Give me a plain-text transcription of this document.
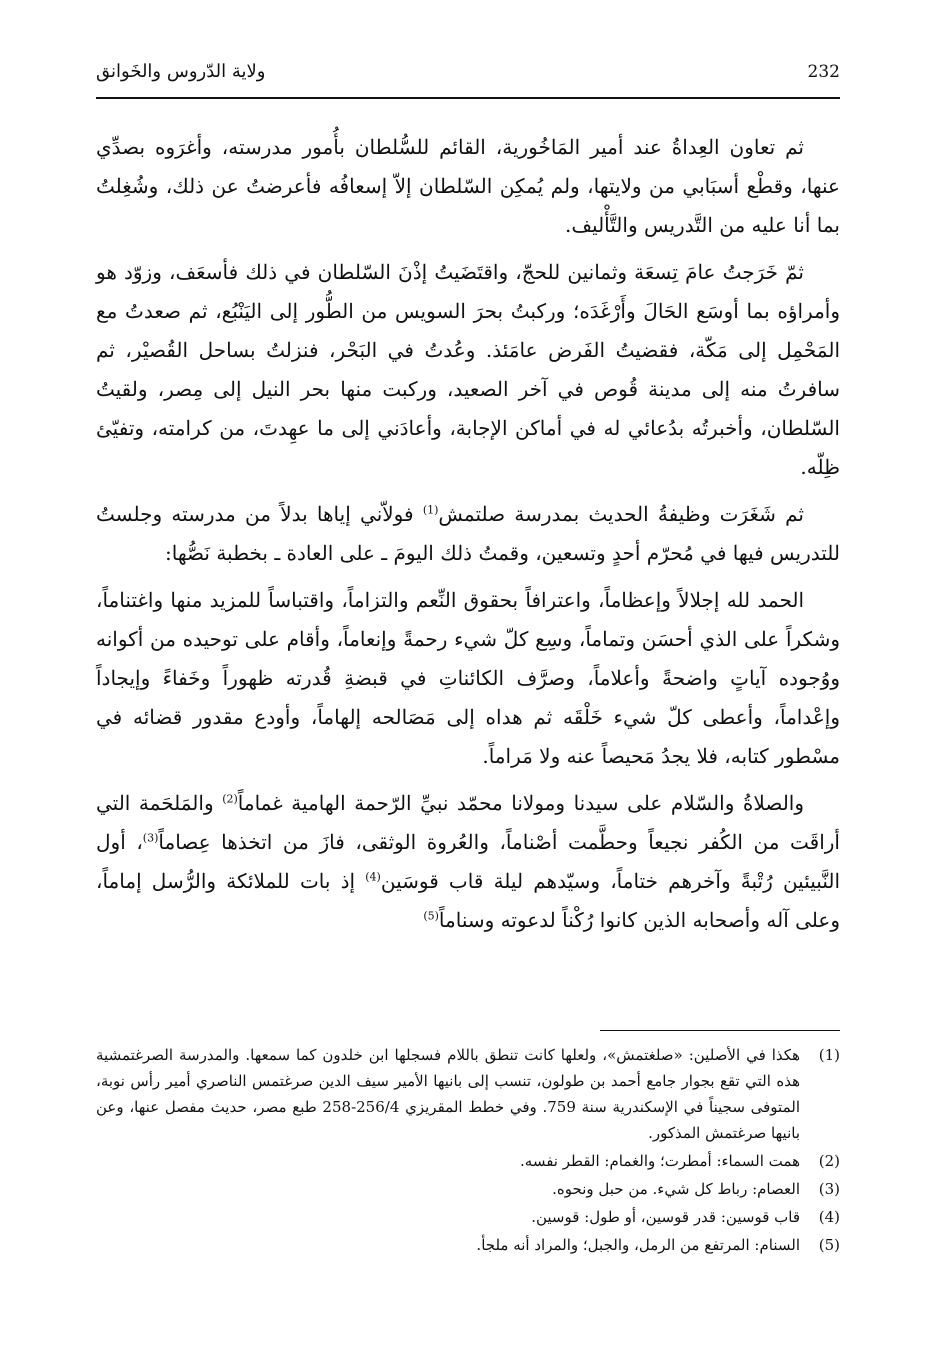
232
ولاية الدّروس والخَوانق

ثم تعاون العِداةُ عند أمير المَاخُورية، القائم للسُّلطان بأُمور مدرسته، وأغرَوه بصدِّي عنها، وقطْع أسبَابي من ولايتها، ولم يُمكِن السّلطان إلاّ إسعافُه فأعرضتُ عن ذلك، وشُغِلتُ بما أنا عليه من التَّدريس والتَّأْليف.

ثمّ خَرَجتُ عامَ تِسعَة وثمانين للحجّ، واقتَضَيتُ إذْنَ السّلطان في ذلك فأسعَف، وزوّد هو وأمراؤه بما أوسَع الحَالَ وأَرْغَدَه؛ وركبتُ بحرَ السويس من الطُّور إلى اليَنْبُع، ثم صعدتُ مع المَحْمِل إلى مَكّة، فقضيتُ الفَرض عامَئذ. وعُدتُ في البَحْر، فنزلتُ بساحل القُصيْر، ثم سافرتُ منه إلى مدينة قُوص في آخر الصعيد، وركبت منها بحر النيل إلى مِصر، ولقيتُ السّلطان، وأخبرتُه بدُعائي له في أماكن الإجابة، وأعادَني إلى ما عهِدتَ، من كرامته، وتفيّئ ظِلّه.

ثم شَغَرَت وظيفةُ الحديث بمدرسة صلتمش$^{(1)}$ فولاّني إياها بدلاً من مدرسته وجلستُ للتدريس فيها في مُحرّم أحدٍ وتسعين، وقمتُ ذلك اليومَ ـ على العادة ـ بخطبة نَصُّها:

الحمد لله إجلالاً وإعظاماً، واعترافاً بحقوق النِّعم والتزاماً، واقتباساً للمزيد منها واغتناماً، وشكراً على الذي أحسَن وتماماً، وسِع كلّ شيء رحمةً وإنعاماً، وأقام على توحيده من أكوانه ووُجوده آياتٍ واضحةً وأعلاماً، وصرَّف الكائناتِ في قبضةِ قُدرته ظهوراً وخَفاءً وإيجاداً وإعْداماً، وأعطى كلّ شيء خَلْقَه ثم هداه إلى مَصَالحه إلهاماً، وأودع مقدور قضائه في مسْطور كتابه، فلا يجدُ مَحيصاً عنه ولا مَراماً.

والصلاةُ والسّلام على سيدنا ومولانا محمّد نبيِّ الرّحمة الهامية غماماً$^{(2)}$ والمَلحَمة التي أراقَت من الكُفر نجيعاً وحطَّمت أصْناماً، والعُروة الوثقى، فازَ من اتخذها عِصاماً$^{(3)}$، أول النَّبيئين رُتْبةً وآخرهم ختاماً، وسيّدهم ليلة قاب قوسَين$^{(4)}$ إذ بات للملائكة والرُّسل إماماً، وعلى آله وأصحابه الذين كانوا رُكْناً لدعوته وسناماً$^{(5)}$

(1)
هكذا في الأصلين: «صلغتمش»، ولعلها كانت تنطق باللام فسجلها ابن خلدون كما سمعها. والمدرسة الصرغتمشية هذه التي تقع بجوار جامع أحمد بن طولون، تنسب إلى بانيها الأمير سيف الدين صرغتمس الناصري أمير رأس نوبة، المتوفى سجيناً في الإسكندرية سنة 759. وفي خطط المقريزي 256/4-258 طبع مصر، حديث مفصل عنها، وعن بانيها صرغتمش المذكور.
(2)
همت السماء: أمطرت؛ والغمام: القطر نفسه.
(3)
العصام: رباط كل شيء. من حبل ونحوه.
(4)
قاب قوسين: قدر قوسين، أو طول: قوسين.
(5)
السنام: المرتفع من الرمل، والجبل؛ والمراد أنه ملجأ.
